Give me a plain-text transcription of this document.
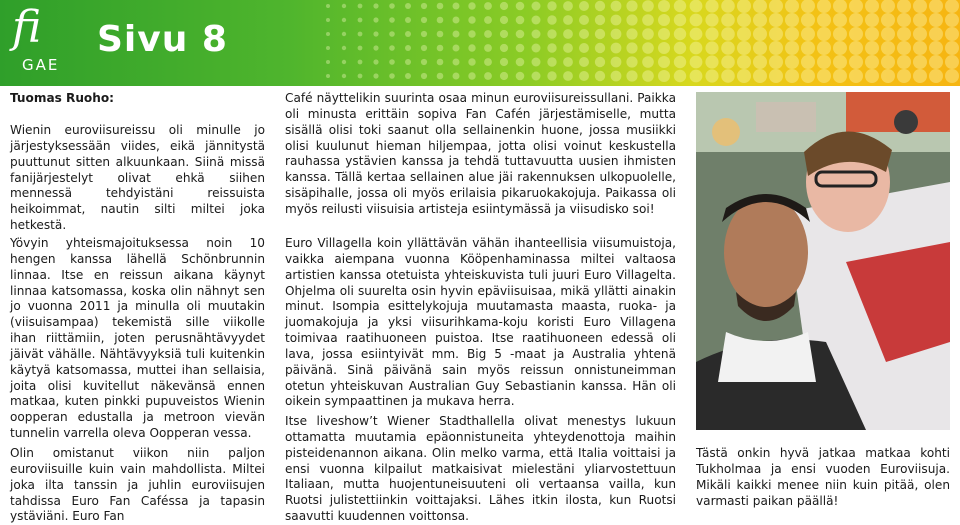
fi
GAE
Sivu 8

Tuomas Ruoho:

Wienin euroviisureissu oli minulle jo järjestyksessään viides, eikä jännitystä puuttunut sitten alkuunkaan. Siinä missä fanijärjestelyt olivat ehkä siihen mennessä tehdyistäni reissuista heikoimmat, nautin silti miltei joka hetkestä.

Yövyin yhteismajoituksessa noin 10 hengen kanssa lähellä Schönbrunnin linnaa. Itse en reissun aikana käynyt linnaa katsomassa, koska olin nähnyt sen jo vuonna 2011 ja minulla oli muutakin (viisuisampaa) tekemistä sille viikolle ihan riittämiin, joten perusnähtävyydet jäivät vähälle. Nähtävyyksiä tuli kuitenkin käytyä katsomassa, muttei ihan sellaisia, joita olisi kuvitellut näkevänsä ennen matkaa, kuten pinkki pupuveistos Wienin oopperan edustalla ja metroon vievän tunnelin varrella oleva Oopperan vessa.

Olin omistanut viikon niin paljon euroviisuille kuin vain mahdollista. Miltei joka ilta tanssin ja juhlin euroviisujen tahdissa Euro Fan Caféssa ja tapasin ystäviäni. Euro Fan

Café näyttelikin suurinta osaa minun euroviisureissullani. Paikka oli minusta erittäin sopiva Fan Cafén järjestämiselle, mutta sisällä olisi toki saanut olla sellainenkin huone, jossa musiikki olisi kuulunut hieman hiljempaa, jotta olisi voinut keskustella rauhassa ystävien kanssa ja tehdä tuttavuutta uusien ihmisten kanssa. Tällä kertaa sellainen alue jäi rakennuksen ulkopuolelle, sisäpihalle, jossa oli myös erilaisia pikaruokakojuja. Paikassa oli myös reilusti viisuisia artisteja esiintymässä ja viisudisko soi!

Euro Villagella koin yllättävän vähän ihanteellisia viisumuistoja, vaikka aiempana vuonna Kööpenhaminassa miltei valtaosa artistien kanssa otetuista yhteiskuvista tuli juuri Euro Villagelta. Ohjelma oli suurelta osin hyvin epäviisuisaa, mikä yllätti ainakin minut. Isompia esittelykojuja muutamasta maasta, ruoka- ja juomakojuja ja yksi viisurihkama-koju koristi Euro Villagena toimivaa raatihuoneen puistoa. Itse raatihuoneen edessä oli lava, jossa esiintyivät mm. Big 5 -maat ja Australia yhtenä päivänä. Sinä päivänä sain myös reissun onnistuneimman otetun yhteiskuvan Australian Guy Sebastianin kanssa. Hän oli oikein sympaattinen ja mukava herra.

Itse liveshow’t Wiener Stadthallella olivat menestys lukuun ottamatta muutamia epäonnistuneita yhteydenottoja maihin pisteidenannon aikana. Olin melko varma, että Italia voittaisi ja ensi vuonna kilpailut matkaisivat mielestäni yliarvostettuun Italiaan, mutta huojentuneisuuteni oli vertaansa vailla, kun Ruotsi julistettiinkin voittajaksi. Lähes itkin ilosta, kun Ruotsi saavutti kuudennen voittonsa.

Tästä onkin hyvä jatkaa matkaa kohti Tukholmaa ja ensi vuoden Euroviisuja. Mikäli kaikki menee niin kuin pitää, olen varmasti paikan päällä!
